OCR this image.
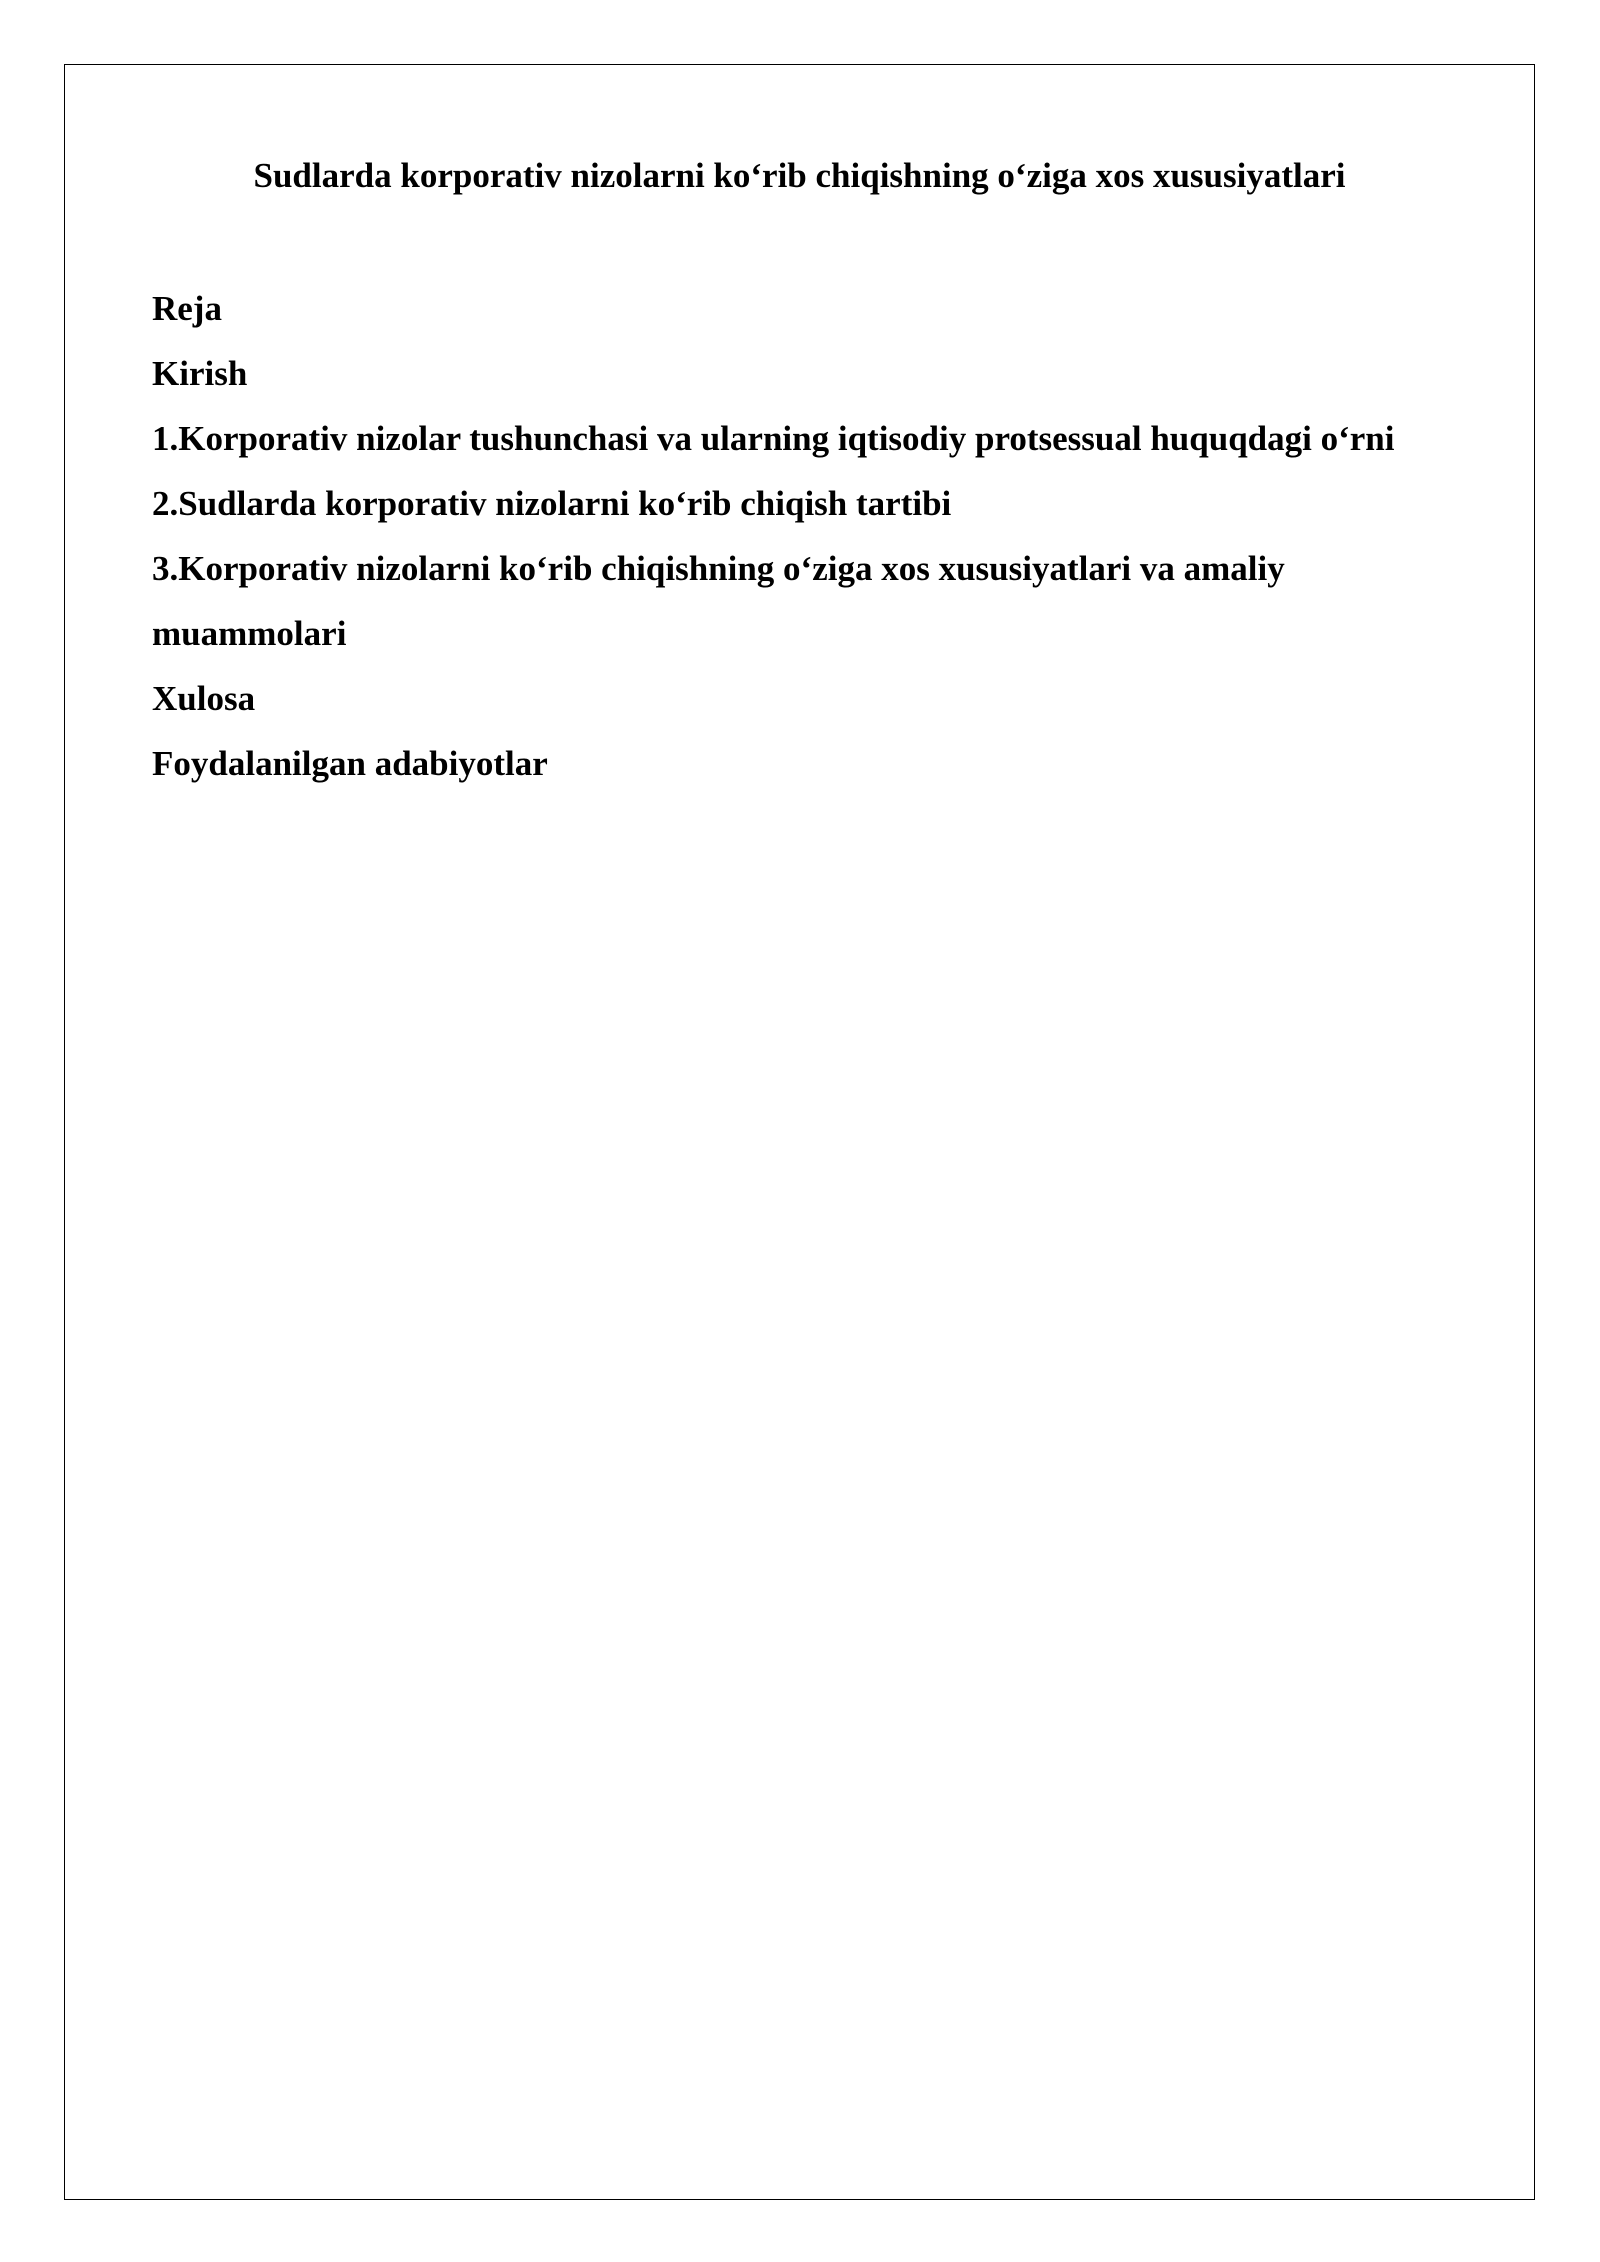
Sudlarda korporativ nizolarni ko‘rib chiqishning o‘ziga xos xususiyatlari

Reja

Kirish

1.Korporativ nizolar tushunchasi va ularning iqtisodiy protsessual huquqdagi o‘rni

2.Sudlarda korporativ nizolarni ko‘rib chiqish tartibi

3.Korporativ nizolarni ko‘rib chiqishning o‘ziga xos xususiyatlari va amaliy muammolari

Xulosa

Foydalanilgan adabiyotlar
